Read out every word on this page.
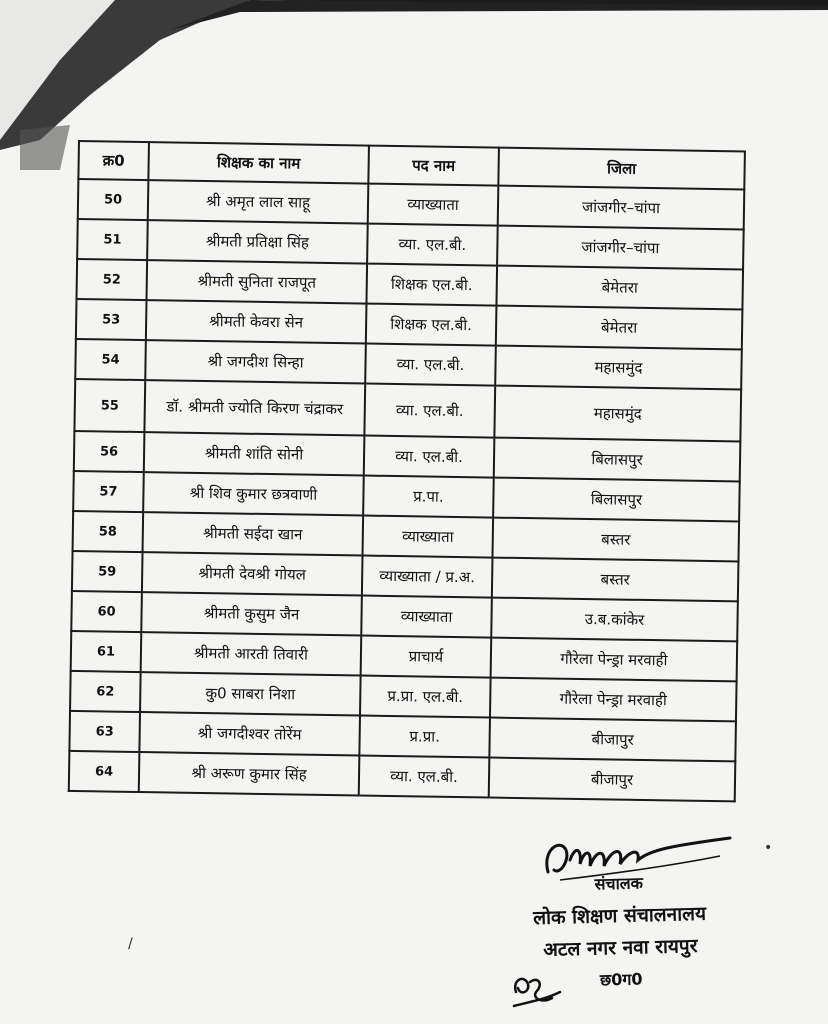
क्र0	शिक्षक का नाम	पद नाम	जिला
50	श्री अमृत लाल साहू	व्याख्याता	जांजगीर–चांपा
51	श्रीमती प्रतिक्षा सिंह	व्या. एल.बी.	जांजगीर–चांपा
52	श्रीमती सुनिता राजपूत	शिक्षक एल.बी.	बेमेतरा
53	श्रीमती केवरा सेन	शिक्षक एल.बी.	बेमेतरा
54	श्री जगदीश सिन्हा	व्या. एल.बी.	महासमुंद
55	डॉ. श्रीमती ज्योति किरण चंद्राकर	व्या. एल.बी.	महासमुंद
56	श्रीमती शांति सोनी	व्या. एल.बी.	बिलासपुर
57	श्री शिव कुमार छत्रवाणी	प्र.पा.	बिलासपुर
58	श्रीमती सईदा खान	व्याख्याता	बस्तर
59	श्रीमती देवश्री गोयल	व्याख्याता / प्र.अ.	बस्तर
60	श्रीमती कुसुम जैन	व्याख्याता	उ.ब.कांकेर
61	श्रीमती आरती तिवारी	प्राचार्य	गौरेला पेन्ड्रा मरवाही
62	कु0 साबरा निशा	प्र.प्रा. एल.बी.	गौरेला पेन्ड्रा मरवाही
63	श्री जगदीश्वर तोरेंम	प्र.प्रा.	बीजापुर
64	श्री अरूण कुमार सिंह	व्या. एल.बी.	बीजापुर
संचालक
लोक शिक्षण संचालनालय
अटल नगर नवा रायपुर
छ0ग0
/
•
